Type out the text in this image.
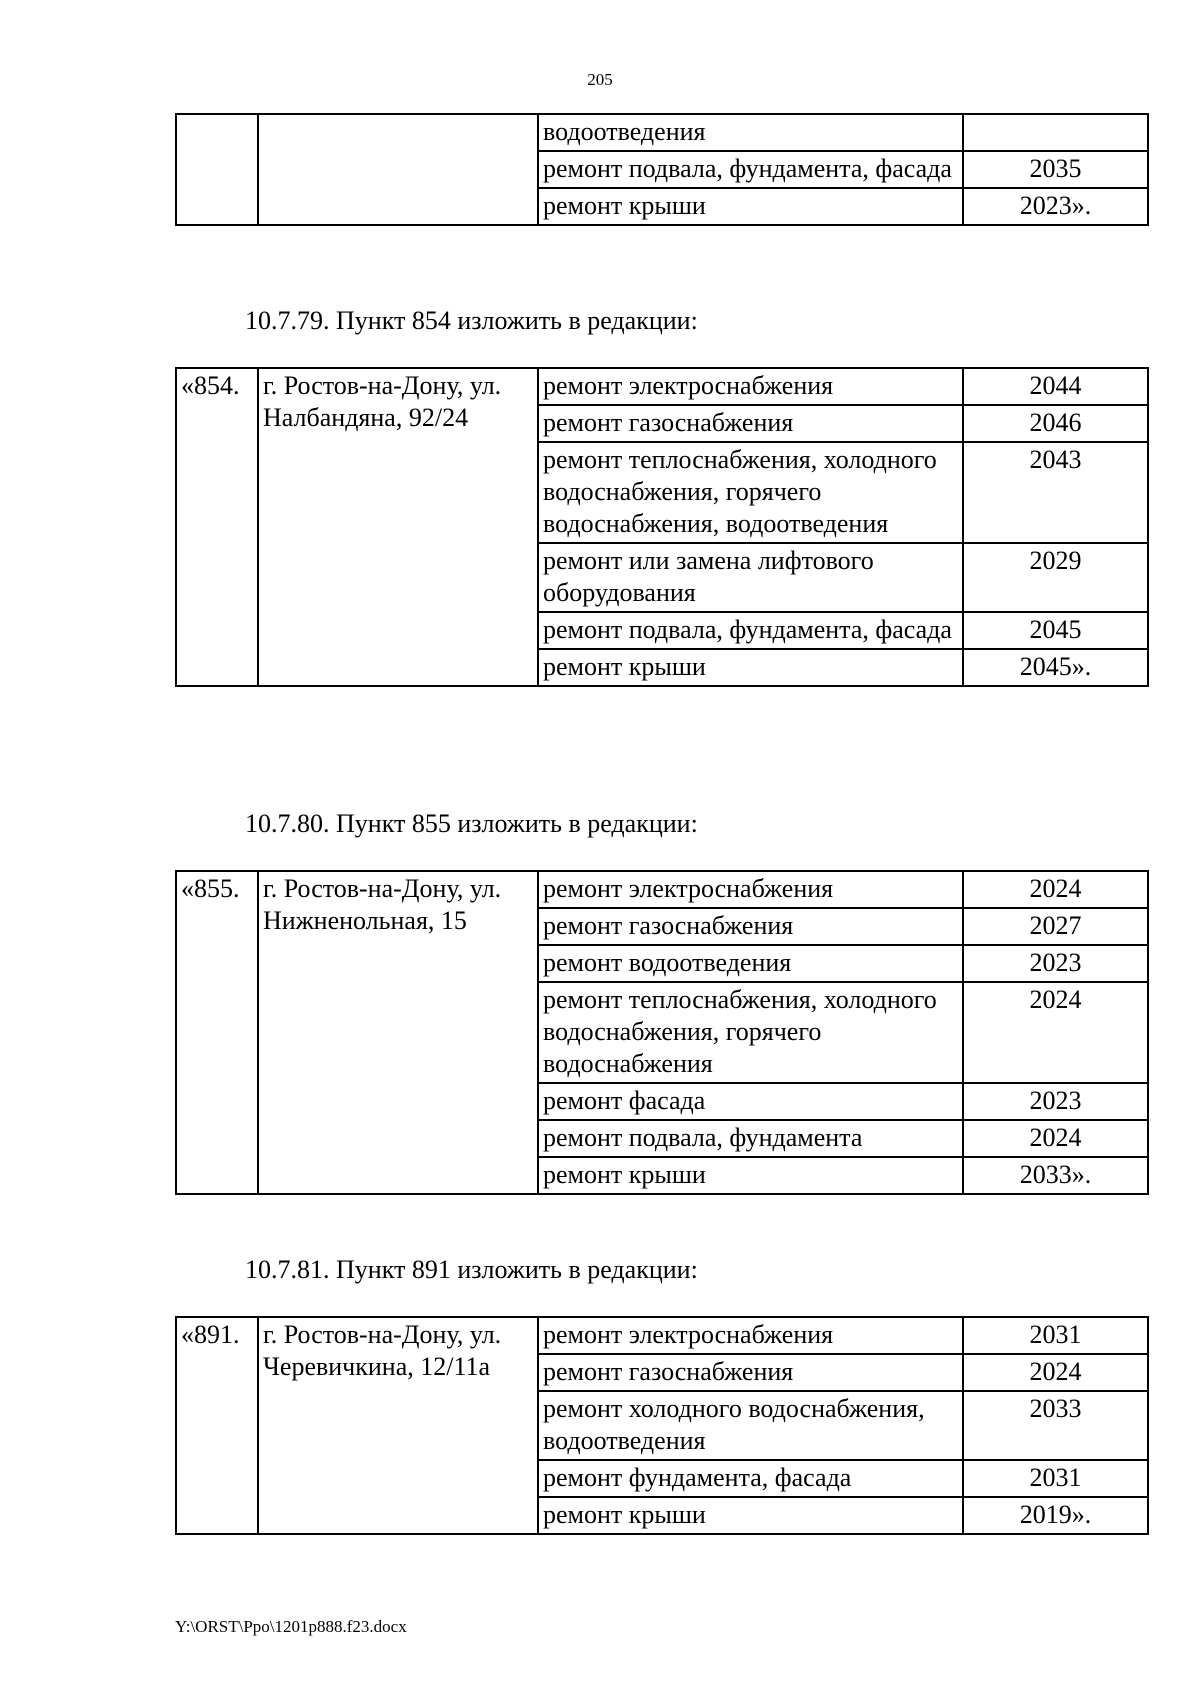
205
		водоотведения	
		ремонт подвала, фундамента, фасада	2035
		ремонт крыши	2023».
10.7.79. Пункт 854 изложить в редакции:
«854.	г. Ростов-на-Дону, ул. Налбандяна, 92/24	ремонт электроснабжения	2044
		ремонт газоснабжения	2046
		ремонт теплоснабжения, холодного водоснабжения, горячего водоснабжения, водоотведения	2043
		ремонт или замена лифтового оборудования	2029
		ремонт подвала, фундамента, фасада	2045
		ремонт крыши	2045».
10.7.80. Пункт 855 изложить в редакции:
«855.	г. Ростов-на-Дону, ул. Нижненольная, 15	ремонт электроснабжения	2024
		ремонт газоснабжения	2027
		ремонт водоотведения	2023
		ремонт теплоснабжения, холодного водоснабжения, горячего водоснабжения	2024
		ремонт фасада	2023
		ремонт подвала, фундамента	2024
		ремонт крыши	2033».
10.7.81. Пункт 891 изложить в редакции:
«891.	г. Ростов-на-Дону, ул. Черевичкина, 12/11а	ремонт электроснабжения	2031
		ремонт газоснабжения	2024
		ремонт холодного водоснабжения, водоотведения	2033
		ремонт фундамента, фасада	2031
		ремонт крыши	2019».
Y:\ORST\Ppo\1201p888.f23.docx
